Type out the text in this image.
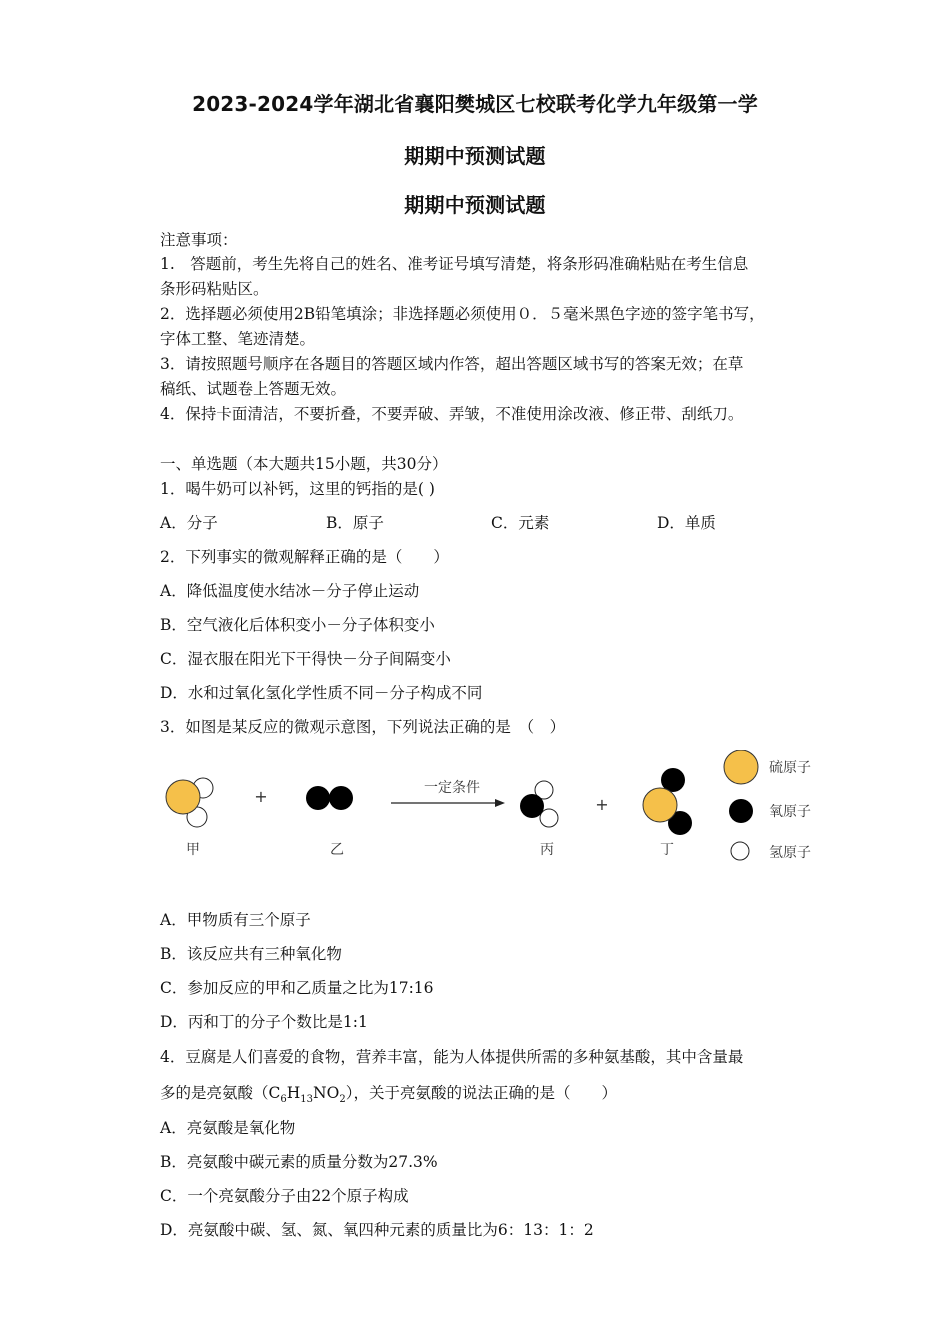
2023-2024学年湖北省襄阳樊城区七校联考化学九年级第一学
期期中预测试题
期期中预测试题
注意事项：
1.　答题前，考生先将自己的姓名、准考证号填写清楚，将条形码准确粘贴在考生信息
条形码粘贴区。
2．选择题必须使用2B铅笔填涂；非选择题必须使用０．５毫米黑色字迹的签字笔书写，
字体工整、笔迹清楚。
3．请按照题号顺序在各题目的答题区域内作答，超出答题区域书写的答案无效；在草
稿纸、试题卷上答题无效。
4．保持卡面清洁，不要折叠，不要弄破、弄皱，不准使用涂改液、修正带、刮纸刀。
一、单选题（本大题共15小题，共30分）
1．喝牛奶可以补钙，这里的钙指的是( )
A．分子	B．原子	C．元素	D．单质
2．下列事实的微观解释正确的是（　　）
A．降低温度使水结冰－分子停止运动
B．空气液化后体积变小－分子体积变小
C．湿衣服在阳光下干得快－分子间隔变小
D．水和过氧化氢化学性质不同－分子构成不同
3．如图是某反应的微观示意图，下列说法正确的是　（　）
+	一定条件
+
甲	乙	丙	丁
硫原子
氧原子
氢原子
A．甲物质有三个原子
B．该反应共有三种氧化物
C．参加反应的甲和乙质量之比为17:16
D．丙和丁的分子个数比是1:1
4．豆腐是人们喜爱的食物，营养丰富，能为人体提供所需的多种氨基酸，其中含量最
多的是亮氨酸$(C_6H_{13}NO_2)$，关于亮氨酸的说法正确的是（　　）
A．亮氨酸是氧化物
B．亮氨酸中碳元素的质量分数为27.3%
C．一个亮氨酸分子由22个原子构成
D．亮氨酸中碳、氢、氮、氧四种元素的质量比为6：13：1：2
